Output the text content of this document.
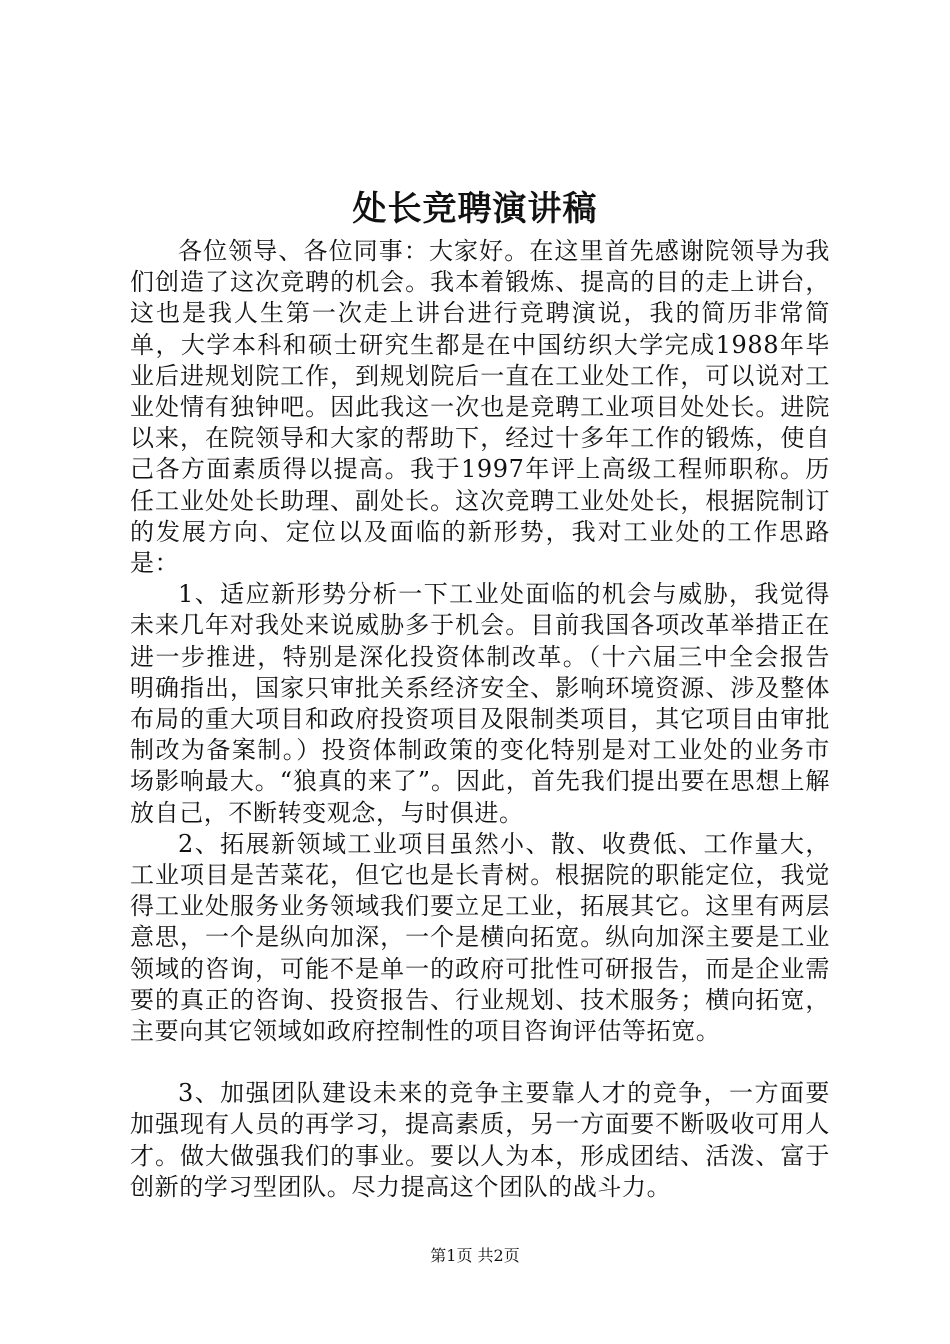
处长竞聘演讲稿

各位领导、各位同事：大家好。在这里首先感谢院领导为我们创造了这次竞聘的机会。我本着锻炼、提高的目的走上讲台，这也是我人生第一次走上讲台进行竞聘演说，我的简历非常简单，大学本科和硕士研究生都是在中国纺织大学完成1988年毕业后进规划院工作，到规划院后一直在工业处工作，可以说对工业处情有独钟吧。因此我这一次也是竞聘工业项目处处长。进院以来，在院领导和大家的帮助下，经过十多年工作的锻炼，使自己各方面素质得以提高。我于1997年评上高级工程师职称。历任工业处处长助理、副处长。这次竞聘工业处处长，根据院制订的发展方向、定位以及面临的新形势，我对工业处的工作思路是：

1、适应新形势分析一下工业处面临的机会与威胁，我觉得未来几年对我处来说威胁多于机会。目前我国各项改革举措正在进一步推进，特别是深化投资体制改革。（十六届三中全会报告明确指出，国家只审批关系经济安全、影响环境资源、涉及整体布局的重大项目和政府投资项目及限制类项目，其它项目由审批制改为备案制。）投资体制政策的变化特别是对工业处的业务市场影响最大。“狼真的来了”。因此，首先我们提出要在思想上解放自己，不断转变观念，与时俱进。

2、拓展新领域工业项目虽然小、散、收费低、工作量大，工业项目是苦菜花，但它也是长青树。根据院的职能定位，我觉得工业处服务业务领域我们要立足工业，拓展其它。这里有两层意思，一个是纵向加深，一个是横向拓宽。纵向加深主要是工业领域的咨询，可能不是单一的政府可批性可研报告，而是企业需要的真正的咨询、投资报告、行业规划、技术服务；横向拓宽，主要向其它领域如政府控制性的项目咨询评估等拓宽。

3、加强团队建设未来的竞争主要靠人才的竞争，一方面要加强现有人员的再学习，提高素质，另一方面要不断吸收可用人才。做大做强我们的事业。要以人为本，形成团结、活泼、富于创新的学习型团队。尽力提高这个团队的战斗力。

第1页 共2页
